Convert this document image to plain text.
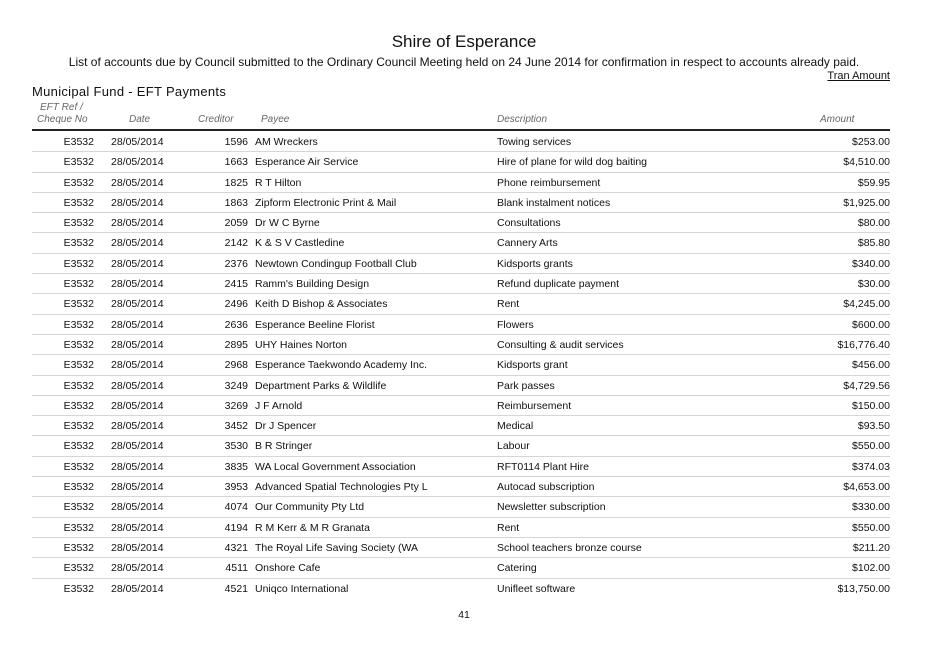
Shire of Esperance
List of accounts due by Council submitted to the Ordinary Council Meeting held on 24 June 2014 for confirmation in respect to accounts already paid.
Tran Amount
Municipal Fund - EFT Payments
EFT Ref /
Cheque No	Date	Creditor	Payee	Description	Amount
E3532 28/05/2014	1596 AM Wreckers	Towing services	$253.00
E3532 28/05/2014	1663 Esperance Air Service	Hire of plane for wild dog baiting	$4,510.00
E3532 28/05/2014	1825 R T Hilton	Phone reimbursement	$59.95
E3532 28/05/2014	1863 Zipform Electronic Print & Mail	Blank instalment notices	$1,925.00
E3532 28/05/2014	2059 Dr W C Byrne	Consultations	$80.00
E3532 28/05/2014	2142 K & S V Castledine	Cannery Arts	$85.80
E3532 28/05/2014	2376 Newtown Condingup Football Club	Kidsports grants	$340.00
E3532 28/05/2014	2415 Ramm's Building Design	Refund duplicate payment	$30.00
E3532 28/05/2014	2496 Keith D Bishop & Associates	Rent	$4,245.00
E3532 28/05/2014	2636 Esperance Beeline Florist	Flowers	$600.00
E3532 28/05/2014	2895 UHY Haines Norton	Consulting & audit services	$16,776.40
E3532 28/05/2014	2968 Esperance Taekwondo Academy Inc.	Kidsports grant	$456.00
E3532 28/05/2014	3249 Department Parks & Wildlife	Park passes	$4,729.56
E3532 28/05/2014	3269 J F Arnold	Reimbursement	$150.00
E3532 28/05/2014	3452 Dr J Spencer	Medical	$93.50
E3532 28/05/2014	3530 B R Stringer	Labour	$550.00
E3532 28/05/2014	3835 WA Local Government Association	RFT0114 Plant Hire	$374.03
E3532 28/05/2014	3953 Advanced Spatial Technologies Pty L	Autocad subscription	$4,653.00
E3532 28/05/2014	4074 Our Community Pty Ltd	Newsletter subscription	$330.00
E3532 28/05/2014	4194 R M Kerr & M R Granata	Rent	$550.00
E3532 28/05/2014	4321 The Royal Life Saving Society (WA	School teachers bronze course	$211.20
E3532 28/05/2014	4511 Onshore Cafe	Catering	$102.00
E3532 28/05/2014	4521 Uniqco International	Unifleet software	$13,750.00
41
